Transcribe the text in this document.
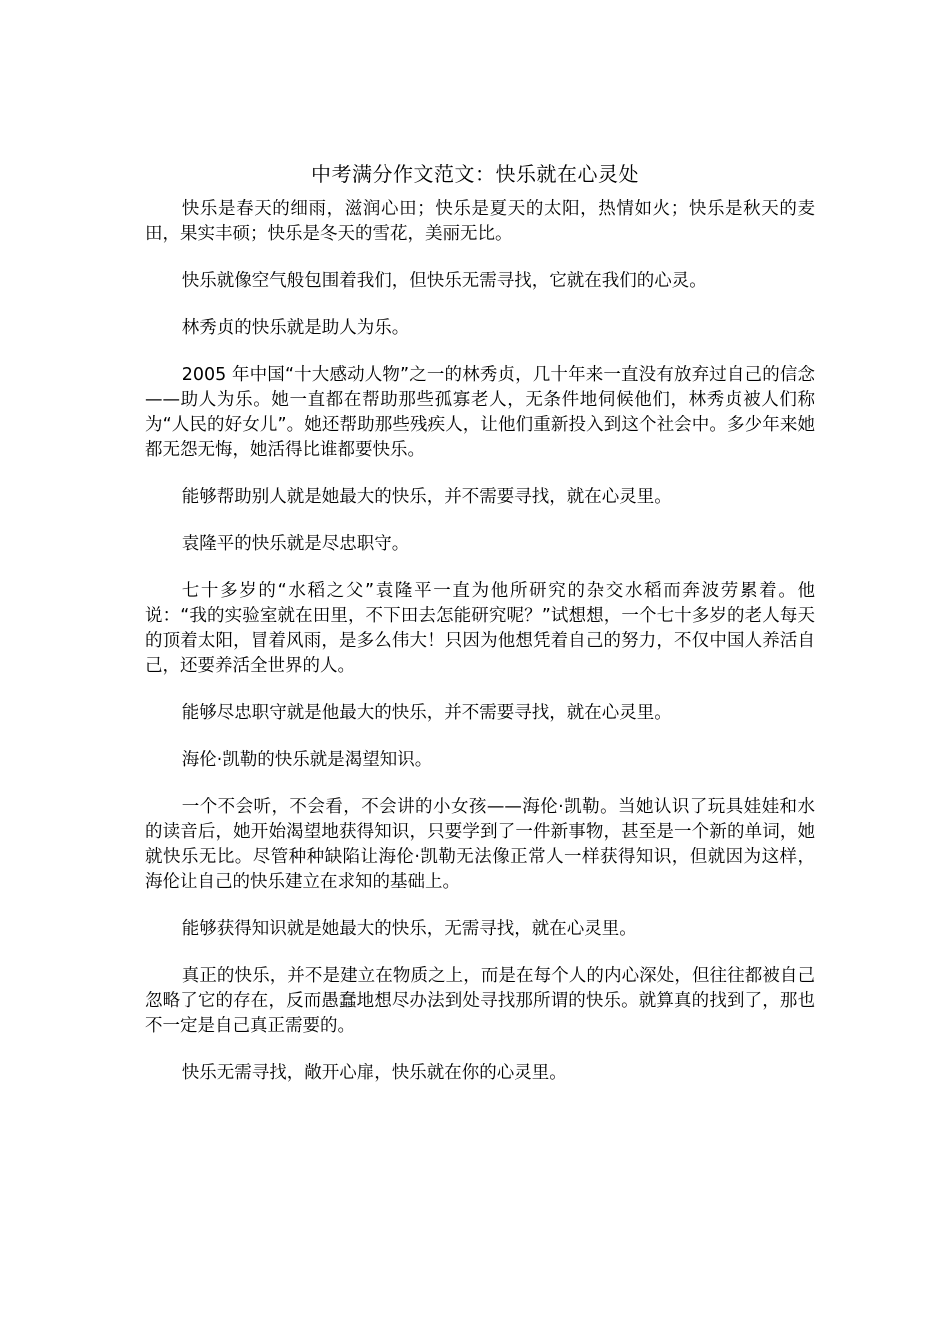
中考满分作文范文：快乐就在心灵处

快乐是春天的细雨，滋润心田；快乐是夏天的太阳，热情如火；快乐是秋天的麦田，果实丰硕；快乐是冬天的雪花，美丽无比。

快乐就像空气般包围着我们，但快乐无需寻找，它就在我们的心灵。

林秀贞的快乐就是助人为乐。

2005 年中国“十大感动人物”之一的林秀贞，几十年来一直没有放弃过自己的信念——助人为乐。她一直都在帮助那些孤寡老人，无条件地伺候他们，林秀贞被人们称为“人民的好女儿”。她还帮助那些残疾人，让他们重新投入到这个社会中。多少年来她都无怨无悔，她活得比谁都要快乐。

能够帮助别人就是她最大的快乐，并不需要寻找，就在心灵里。

袁隆平的快乐就是尽忠职守。

七十多岁的“水稻之父”袁隆平一直为他所研究的杂交水稻而奔波劳累着。他说：“我的实验室就在田里，不下田去怎能研究呢？”试想想，一个七十多岁的老人每天的顶着太阳，冒着风雨，是多么伟大！只因为他想凭着自己的努力，不仅中国人养活自己，还要养活全世界的人。

能够尽忠职守就是他最大的快乐，并不需要寻找，就在心灵里。

海伦·凯勒的快乐就是渴望知识。

一个不会听，不会看，不会讲的小女孩——海伦·凯勒。当她认识了玩具娃娃和水的读音后，她开始渴望地获得知识，只要学到了一件新事物，甚至是一个新的单词，她就快乐无比。尽管种种缺陷让海伦·凯勒无法像正常人一样获得知识，但就因为这样，海伦让自己的快乐建立在求知的基础上。

能够获得知识就是她最大的快乐，无需寻找，就在心灵里。

真正的快乐，并不是建立在物质之上，而是在每个人的内心深处，但往往都被自己忽略了它的存在，反而愚蠢地想尽办法到处寻找那所谓的快乐。就算真的找到了，那也不一定是自己真正需要的。

快乐无需寻找，敞开心扉，快乐就在你的心灵里。
